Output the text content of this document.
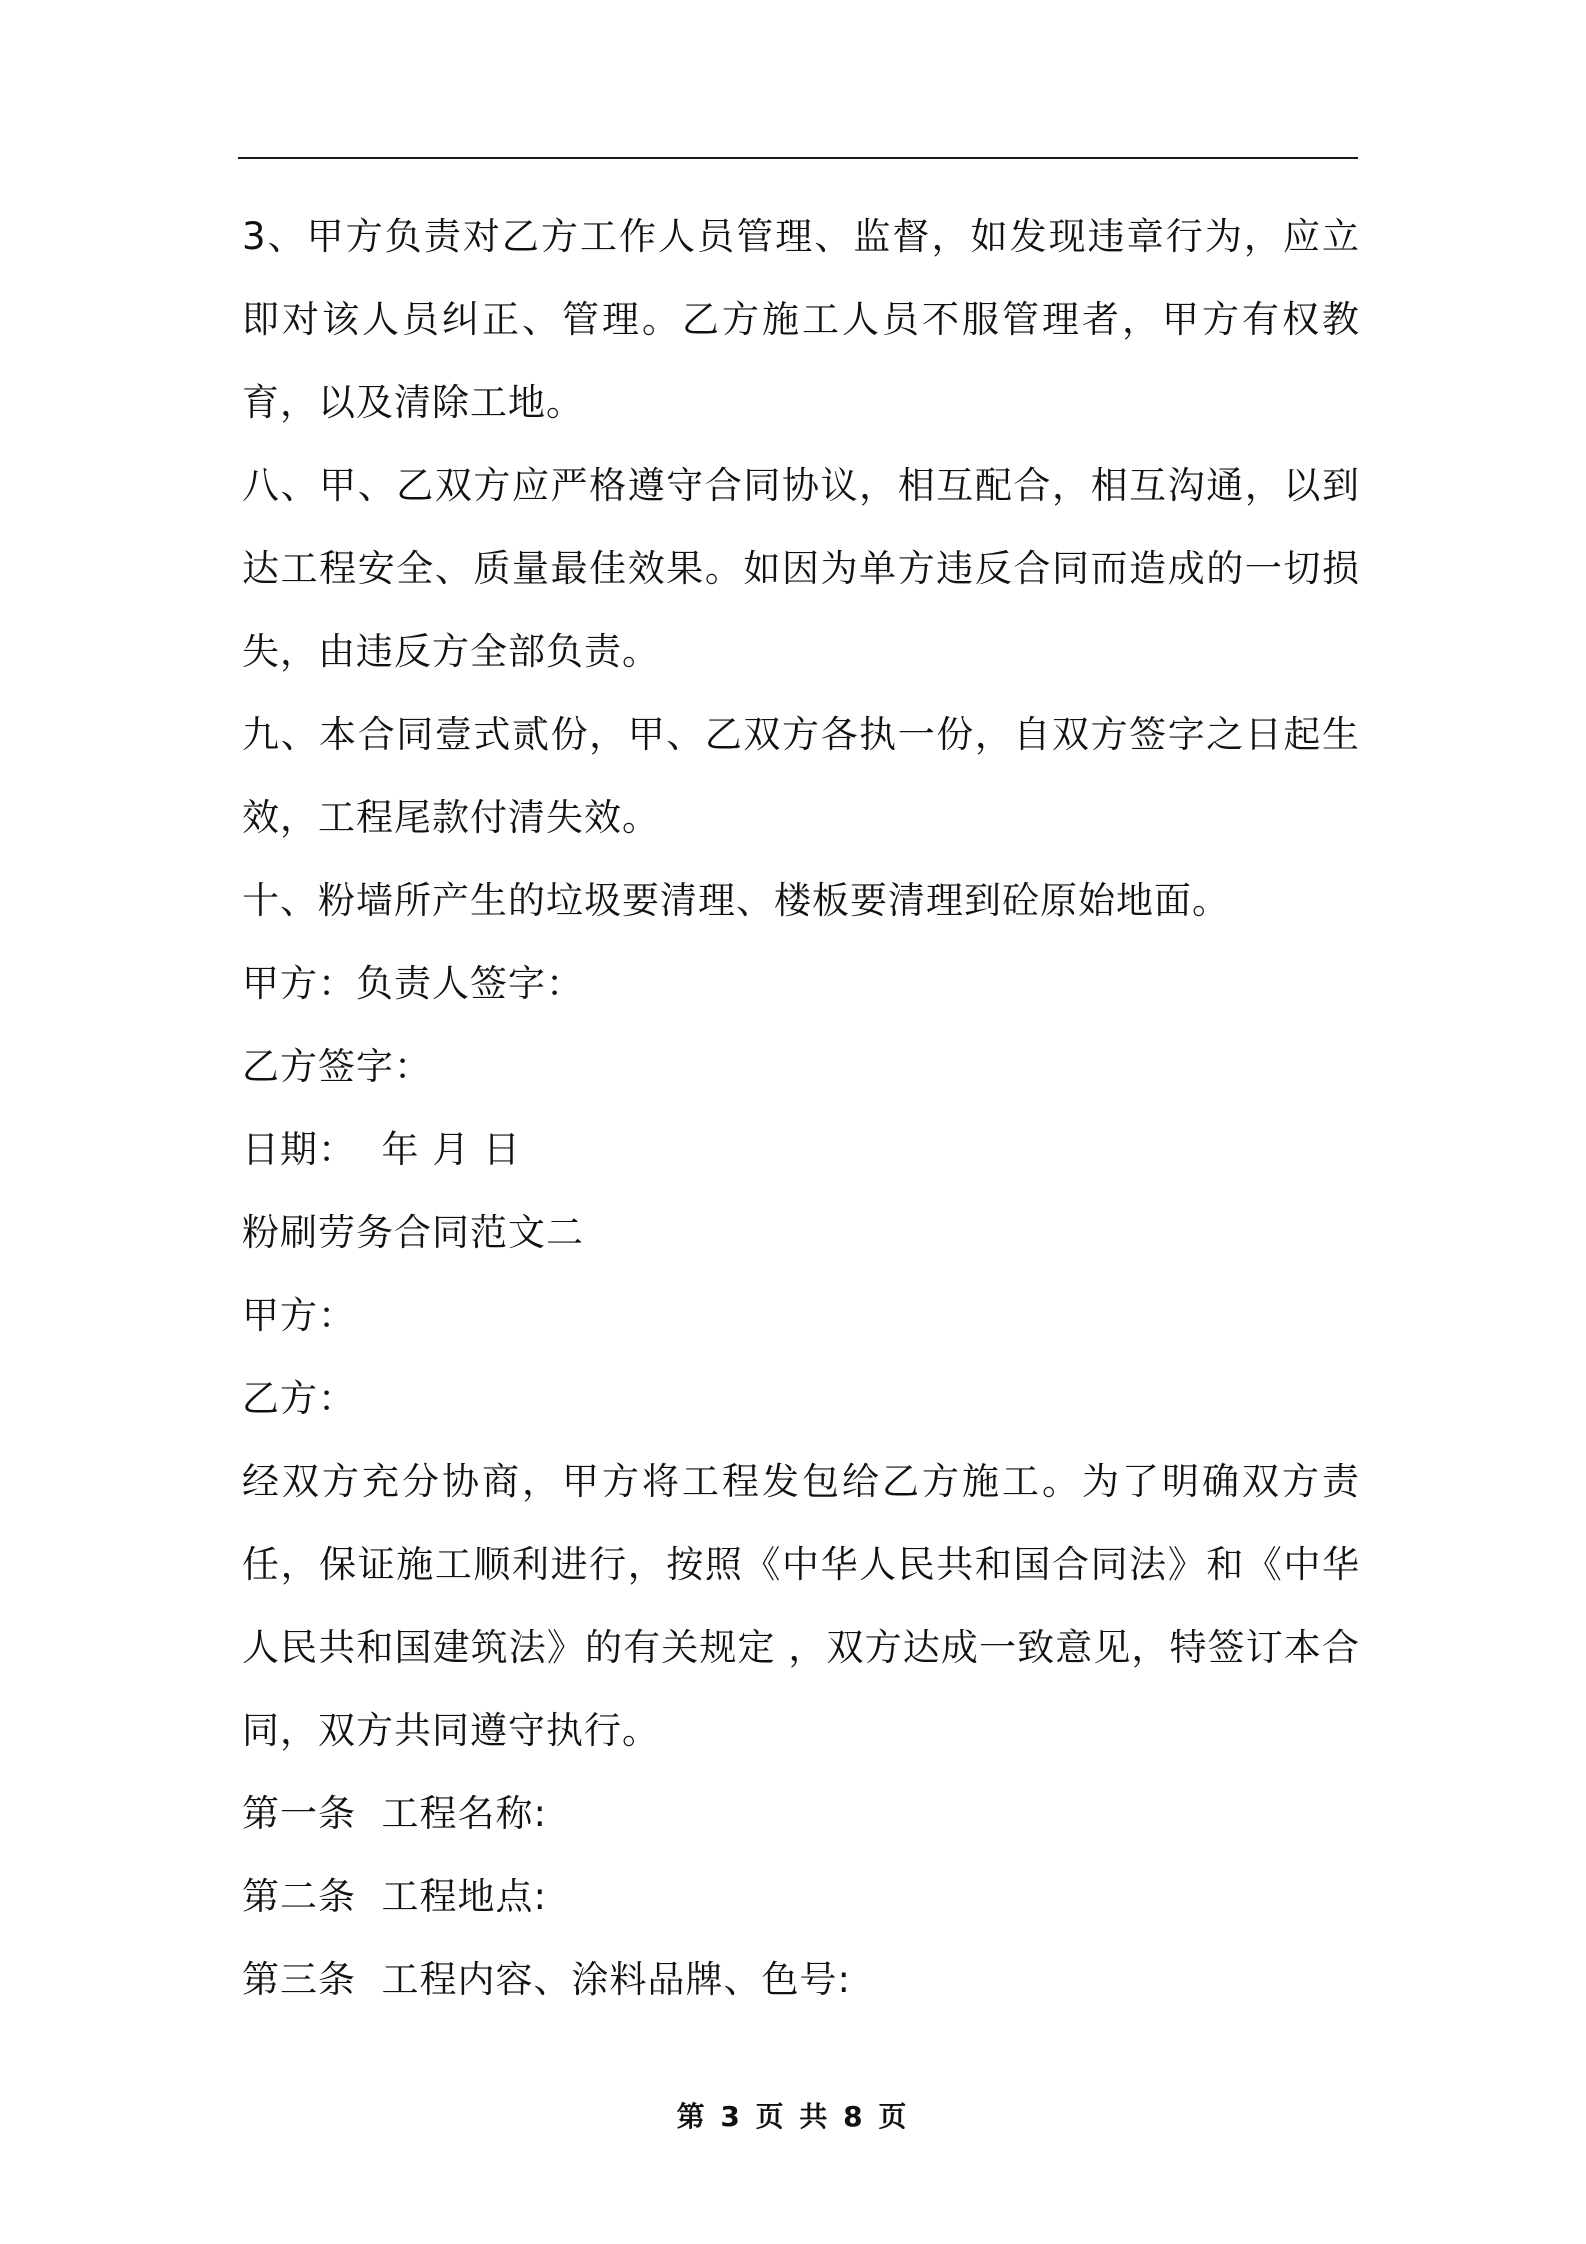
3、甲方负责对乙方工作人员管理、监督，如发现违章行为，应立即对该人员纠正、管理。乙方施工人员不服管理者，甲方有权教育，以及清除工地。

八、甲、乙双方应严格遵守合同协议，相互配合，相互沟通，以到达工程安全、质量最佳效果。如因为单方违反合同而造成的一切损失，由违反方全部负责。

九、本合同壹式贰份，甲、乙双方各执一份，自双方签字之日起生效，工程尾款付清失效。

十、粉墙所产生的垃圾要清理、楼板要清理到砼原始地面。

甲方：负责人签字：

乙方签字：

日期：  年 月 日

粉刷劳务合同范文二

甲方：

乙方：

经双方充分协商，甲方将工程发包给乙方施工。为了明确双方责任，保证施工顺利进行，按照《中华人民共和国合同法》和《中华人民共和国建筑法》的有关规定 ，双方达成一致意见，特签订本合同，双方共同遵守执行。

第一条  工程名称:

第二条  工程地点:

第三条  工程内容、涂料品牌、色号:

第 3 页 共 8 页
